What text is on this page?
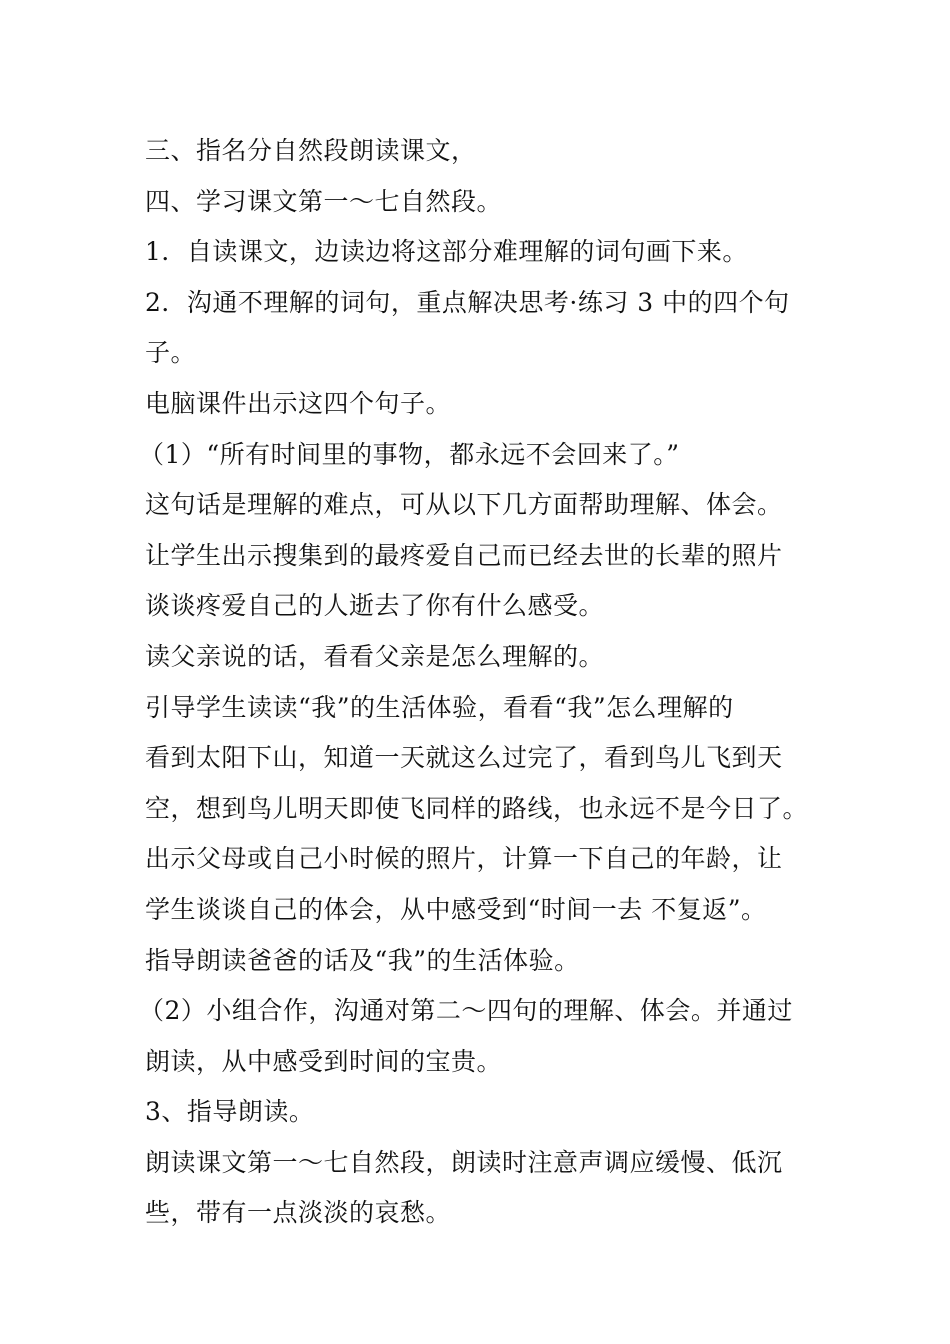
三、指名分自然段朗读课文，
四、学习课文第一～七自然段。
1．自读课文，边读边将这部分难理解的词句画下来。
2．沟通不理解的词句，重点解决思考·练习 3 中的四个句
子。
电脑课件出示这四个句子。
（1）“所有时间里的事物，都永远不会回来了。”
这句话是理解的难点，可从以下几方面帮助理解、体会。
让学生出示搜集到的最疼爱自己而已经去世的长辈的照片
谈谈疼爱自己的人逝去了你有什么感受。
读父亲说的话，看看父亲是怎么理解的。
引导学生读读“我”的生活体验，看看“我”怎么理解的
看到太阳下山，知道一天就这么过完了，看到鸟儿飞到天
空，想到鸟儿明天即使飞同样的路线，也永远不是今日了。
出示父母或自己小时候的照片，计算一下自己的年龄，让
学生谈谈自己的体会，从中感受到“时间一去 不复返”。
指导朗读爸爸的话及“我”的生活体验。
（2）小组合作，沟通对第二～四句的理解、体会。并通过
朗读，从中感受到时间的宝贵。
3、指导朗读。
朗读课文第一～七自然段，朗读时注意声调应缓慢、低沉
些，带有一点淡淡的哀愁。
